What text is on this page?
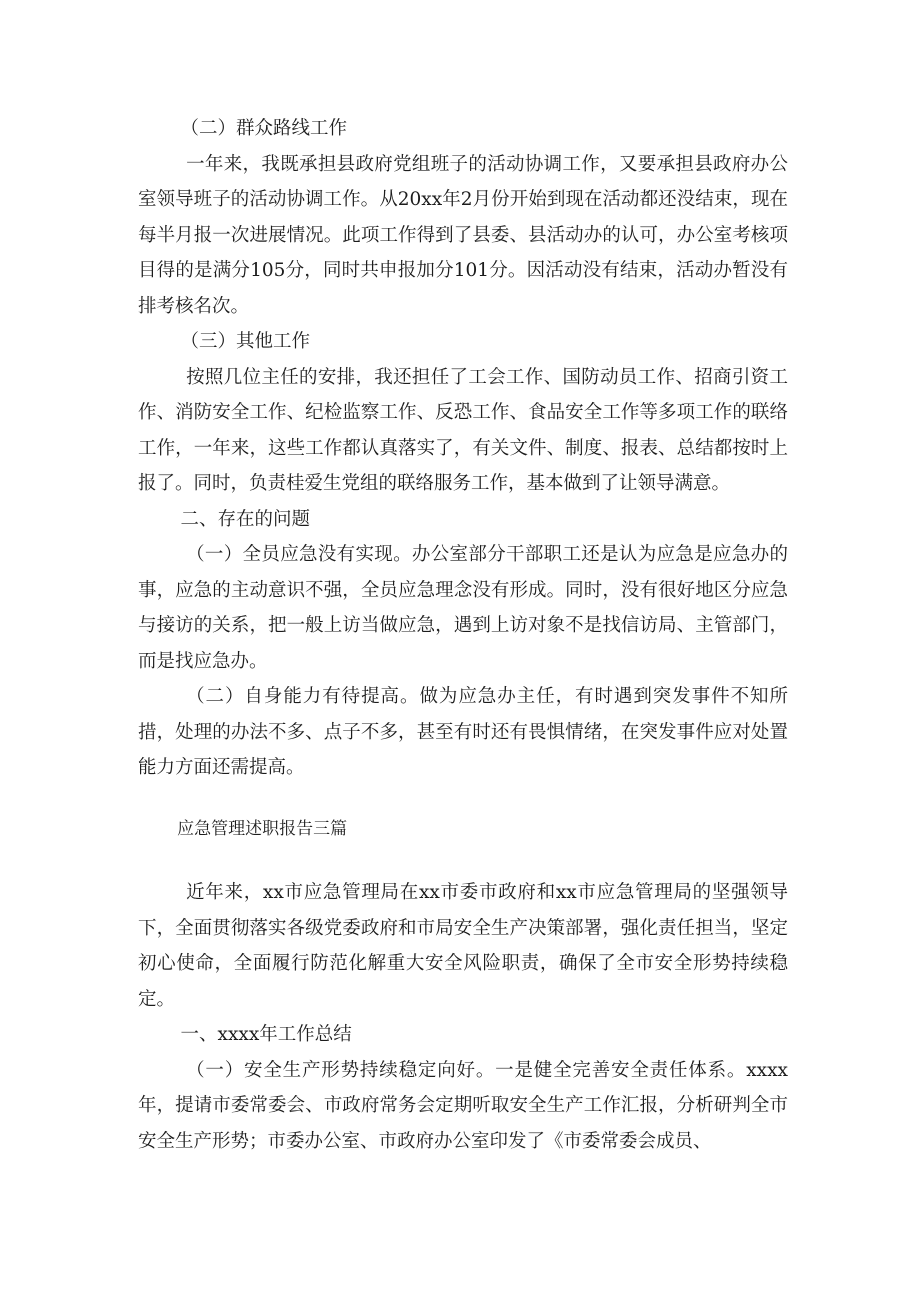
（二）群众路线工作

一年来，我既承担县政府党组班子的活动协调工作，又要承担县政府办公室领导班子的活动协调工作。从20xx年2月份开始到现在活动都还没结束，现在每半月报一次进展情况。此项工作得到了县委、县活动办的认可，办公室考核项目得的是满分105分，同时共申报加分101分。因活动没有结束，活动办暂没有排考核名次。

（三）其他工作

按照几位主任的安排，我还担任了工会工作、国防动员工作、招商引资工作、消防安全工作、纪检监察工作、反恐工作、食品安全工作等多项工作的联络工作，一年来，这些工作都认真落实了，有关文件、制度、报表、总结都按时上报了。同时，负责桂爱生党组的联络服务工作，基本做到了让领导满意。

二、存在的问题

（一）全员应急没有实现。办公室部分干部职工还是认为应急是应急办的事，应急的主动意识不强，全员应急理念没有形成。同时，没有很好地区分应急与接访的关系，把一般上访当做应急，遇到上访对象不是找信访局、主管部门，而是找应急办。

（二）自身能力有待提高。做为应急办主任，有时遇到突发事件不知所措，处理的办法不多、点子不多，甚至有时还有畏惧情绪，在突发事件应对处置能力方面还需提高。

应急管理述职报告三篇

近年来，xx市应急管理局在xx市委市政府和xx市应急管理局的坚强领导下，全面贯彻落实各级党委政府和市局安全生产决策部署，强化责任担当，坚定初心使命，全面履行防范化解重大安全风险职责，确保了全市安全形势持续稳定。

一、xxxx年工作总结

（一）安全生产形势持续稳定向好。一是健全完善安全责任体系。xxxx年，提请市委常委会、市政府常务会定期听取安全生产工作汇报，分析研判全市安全生产形势；市委办公室、市政府办公室印发了《市委常委会成员、
